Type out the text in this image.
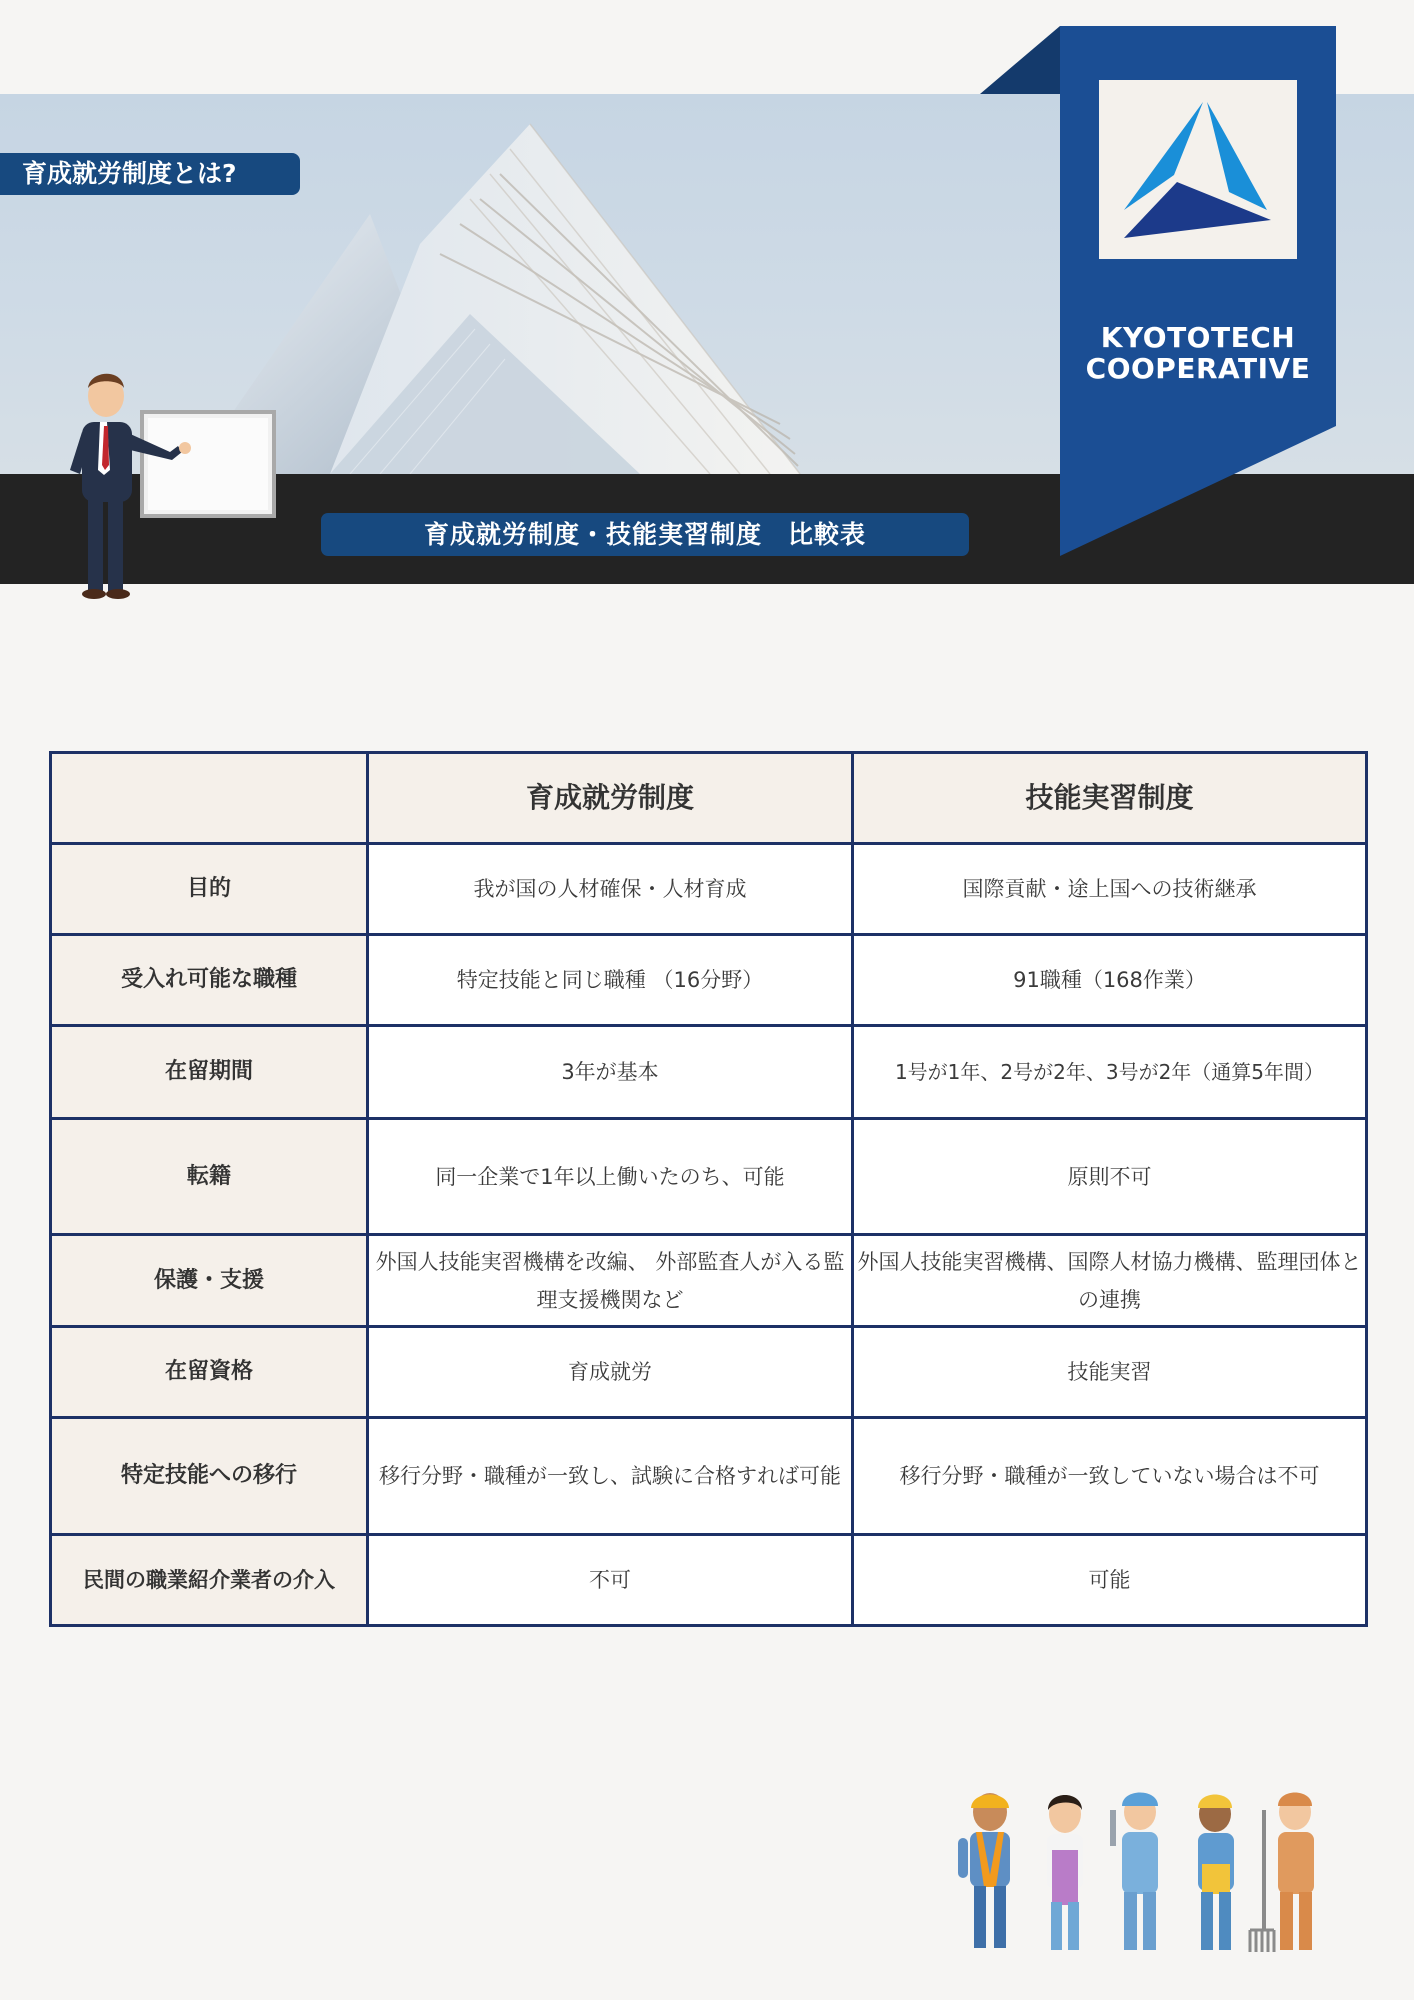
育成就労制度とは?
育成就労制度・技能実習制度　比較表
KYOTOTECH
COOPERATIVE
	育成就労制度	技能実習制度
目的	我が国の人材確保・人材育成	国際貢献・途上国への技術継承
受入れ可能な職種	特定技能と同じ職種 （16分野）	91職種（168作業）
在留期間	3年が基本	1号が1年、2号が2年、3号が2年（通算5年間）
転籍	同一企業で1年以上働いたのち、可能	原則不可
保護・支援	外国人技能実習機構を改編、 外部監査人が入る監理支援機関など	外国人技能実習機構、国際人材協力機構、監理団体との連携
在留資格	育成就労	技能実習
特定技能への移行	移行分野・職種が一致し、試験に合格すれば可能	移行分野・職種が一致していない場合は不可
民間の職業紹介業者の介入	不可	可能
